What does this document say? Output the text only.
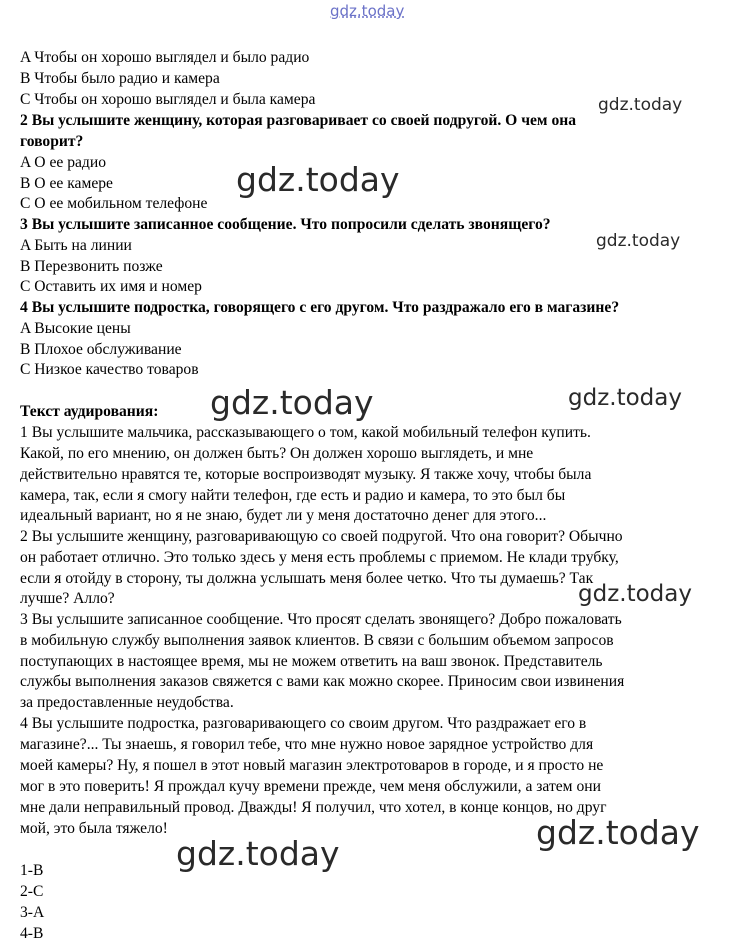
gdz.today
gdz.today
gdz.today
gdz.today
gdz.today	gdz.today
gdz.today
gdz.today
gdz.today
A Чтобы он хорошо выглядел и было радио
B Чтобы было радио и камера
C Чтобы он хорошо выглядел и была камера
2 Вы услышите женщину, которая разговаривает со своей подругой. О чем она
говорит?
A О ее радио
B О ее камере
C О ее мобильном телефоне
3 Вы услышите записанное сообщение. Что попросили сделать звонящего?
A Быть на линии
B Перезвонить позже
C Оставить их имя и номер
4 Вы услышите подростка, говорящего с его другом. Что раздражало его в магазине?
A Высокие цены
B Плохое обслуживание
C Низкое качество товаров
Текст аудирования:
1 Вы услышите мальчика, рассказывающего о том, какой мобильный телефон купить.
Какой, по его мнению, он должен быть? Он должен хорошо выглядеть, и мне
действительно нравятся те, которые воспроизводят музыку. Я также хочу, чтобы была
камера, так, если я смогу найти телефон, где есть и радио и камера, то это был бы
идеальный вариант, но я не знаю, будет ли у меня достаточно денег для этого...
2 Вы услышите женщину, разговаривающую со своей подругой. Что она говорит? Обычно
он работает отлично. Это только здесь у меня есть проблемы с приемом. Не клади трубку,
если я отойду в сторону, ты должна услышать меня более четко. Что ты думаешь? Так
лучше? Алло?
3 Вы услышите записанное сообщение. Что просят сделать звонящего? Добро пожаловать
в мобильную службу выполнения заявок клиентов. В связи с большим объемом запросов
поступающих в настоящее время, мы не можем ответить на ваш звонок. Представитель
службы выполнения заказов свяжется с вами как можно скорее. Приносим свои извинения
за предоставленные неудобства.
4 Вы услышите подростка, разговаривающего со своим другом. Что раздражает его в
магазине?... Ты знаешь, я говорил тебе, что мне нужно новое зарядное устройство для
моей камеры? Ну, я пошел в этот новый магазин электротоваров в городе, и я просто не
мог в это поверить! Я прождал кучу времени прежде, чем меня обслужили, а затем они
мне дали неправильный провод. Дважды! Я получил, что хотел, в конце концов, но друг
мой, это была тяжело!
1-B
2-C
3-A
4-B
